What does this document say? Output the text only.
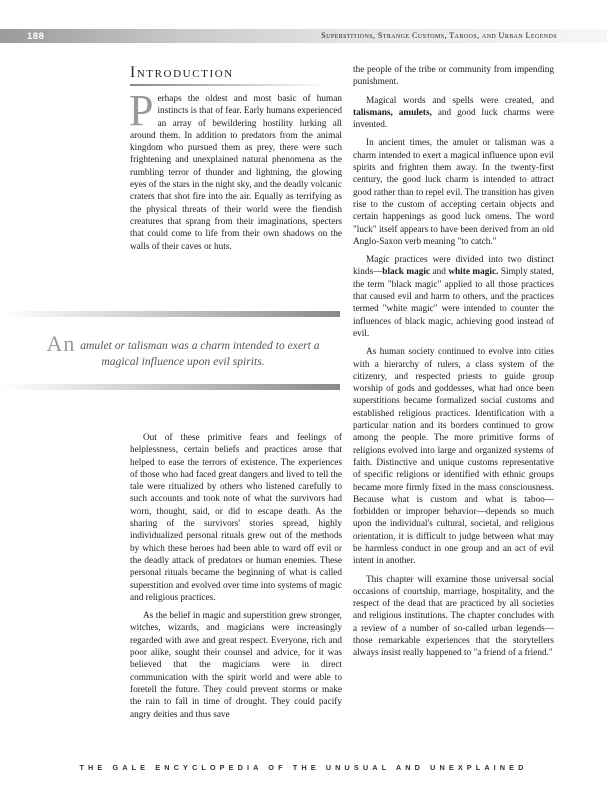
188	Superstitions, Strange Customs, Taboos, and Urban Legends
Introduction

Perhaps the oldest and most basic of human instincts is that of fear. Early humans experienced an array of bewildering hostility lurking all around them. In addition to predators from the animal kingdom who pursued them as prey, there were such frightening and unexplained natural phenomena as the rumbling terror of thunder and lightning, the glowing eyes of the stars in the night sky, and the deadly volcanic craters that shot fire into the air. Equally as terrifying as the physical threats of their world were the fiendish creatures that sprang from their imaginations, specters that could come to life from their own shadows on the walls of their caves or huts.

An amulet or talisman was a charm intended to exert a magical influence upon evil spirits.

Out of these primitive fears and feelings of helplessness, certain beliefs and practices arose that helped to ease the terrors of existence. The experiences of those who had faced great dangers and lived to tell the tale were ritualized by others who listened carefully to such accounts and took note of what the survivors had worn, thought, said, or did to escape death. As the sharing of the survivors' stories spread, highly individualized personal rituals grew out of the methods by which these heroes had been able to ward off evil or the deadly attack of predators or human enemies. These personal rituals became the beginning of what is called superstition and evolved over time into systems of magic and religious practices.

As the belief in magic and superstition grew stronger, witches, wizards, and magicians were increasingly regarded with awe and great respect. Everyone, rich and poor alike, sought their counsel and advice, for it was believed that the magicians were in direct communication with the spirit world and were able to foretell the future. They could prevent storms or make the rain to fall in time of drought. They could pacify angry deities and thus save

the people of the tribe or community from impending punishment.

Magical words and spells were created, and talismans, amulets, and good luck charms were invented.

In ancient times, the amulet or talisman was a charm intended to exert a magical influence upon evil spirits and frighten them away. In the twenty-first century, the good luck charm is intended to attract good rather than to repel evil. The transition has given rise to the custom of accepting certain objects and certain happenings as good luck omens. The word "luck" itself appears to have been derived from an old Anglo-Saxon verb meaning "to catch."

Magic practices were divided into two distinct kinds—black magic and white magic. Simply stated, the term "black magic" applied to all those practices that caused evil and harm to others, and the practices termed "white magic" were intended to counter the influences of black magic, achieving good instead of evil.

As human society continued to evolve into cities with a hierarchy of rulers, a class system of the citizenry, and respected priests to guide group worship of gods and goddesses, what had once been superstitions became formalized social customs and established religious practices. Identification with a particular nation and its borders continued to grow among the people. The more primitive forms of religions evolved into large and organized systems of faith. Distinctive and unique customs representative of specific religions or identified with ethnic groups became more firmly fixed in the mass consciousness. Because what is custom and what is taboo—forbidden or improper behavior—depends so much upon the individual's cultural, societal, and religious orientation, it is difficult to judge between what may be harmless conduct in one group and an act of evil intent in another.

This chapter will examine those universal social occasions of courtship, marriage, hospitality, and the respect of the dead that are practiced by all societies and religious institutions. The chapter concludes with a review of a number of so-called urban legends—those remarkable experiences that the storytellers always insist really happened to "a friend of a friend."

THE GALE ENCYCLOPEDIA OF THE UNUSUAL AND UNEXPLAINED
